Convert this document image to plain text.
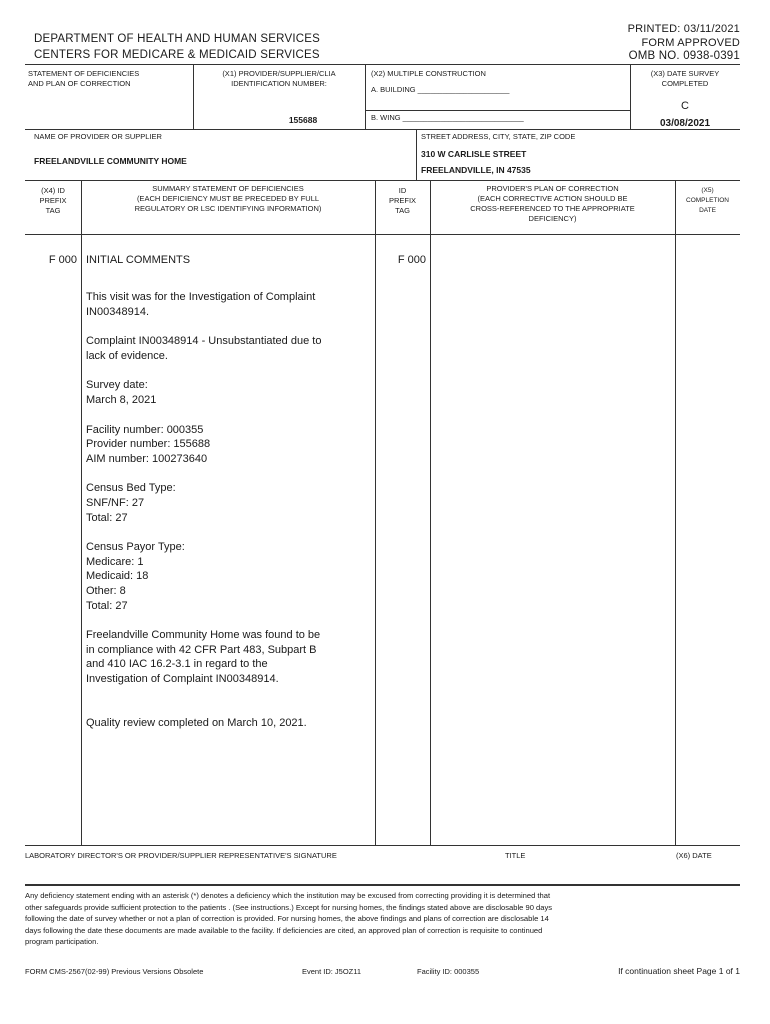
DEPARTMENT OF HEALTH AND HUMAN SERVICES
CENTERS FOR MEDICARE & MEDICAID SERVICES
PRINTED: 03/11/2021
FORM APPROVED
OMB NO. 0938-0391
STATEMENT OF DEFICIENCIES
AND PLAN OF CORRECTION
(X1) PROVIDER/SUPPLIER/CLIA
IDENTIFICATION NUMBER:
155688
(X2) MULTIPLE CONSTRUCTION
A. BUILDING ______________________
B. WING _____________________________
(X3) DATE SURVEY
COMPLETED
C
03/08/2021
NAME OF PROVIDER OR SUPPLIER
FREELANDVILLE COMMUNITY HOME
STREET ADDRESS, CITY, STATE, ZIP CODE
310 W CARLISLE STREET
FREELANDVILLE, IN 47535
(X4) ID
PREFIX
TAG
SUMMARY STATEMENT OF DEFICIENCIES
(EACH DEFICIENCY MUST BE PRECEDED BY FULL
REGULATORY OR LSC IDENTIFYING INFORMATION)
ID
PREFIX
TAG
PROVIDER'S PLAN OF CORRECTION
(EACH CORRECTIVE ACTION SHOULD BE
CROSS-REFERENCED TO THE APPROPRIATE
DEFICIENCY)
(X5)
COMPLETION
DATE
F 000 INITIAL COMMENTS	F 000
This visit was for the Investigation of Complaint
IN00348914.
Complaint IN00348914 - Unsubstantiated due to
lack of evidence.
Survey date:
March 8, 2021
Facility number: 000355
Provider number: 155688
AIM number: 100273640
Census Bed Type:
SNF/NF: 27
Total: 27
Census Payor Type:
Medicare: 1
Medicaid: 18
Other: 8
Total: 27
Freelandville Community Home was found to be
in compliance with 42 CFR Part 483, Subpart B
and 410 IAC 16.2-3.1 in regard to the
Investigation of Complaint IN00348914.
Quality review completed on March 10, 2021.
LABORATORY DIRECTOR'S OR PROVIDER/SUPPLIER REPRESENTATIVE'S SIGNATURE	TITLE	(X6) DATE
Any deficiency statement ending with an asterisk (*) denotes a deficiency which the institution may be excused from correcting providing it is determined that
other safeguards provide sufficient protection to the patients . (See instructions.) Except for nursing homes, the findings stated above are disclosable 90 days
following the date of survey whether or not a plan of correction is provided. For nursing homes, the above findings and plans of correction are disclosable 14
days following the date these documents are made available to the facility. If deficiencies are cited, an approved plan of correction is requisite to continued
program participation.
FORM CMS-2567(02-99) Previous Versions Obsolete	Event ID: J5OZ11	Facility ID: 000355	If continuation sheet Page 1 of 1
